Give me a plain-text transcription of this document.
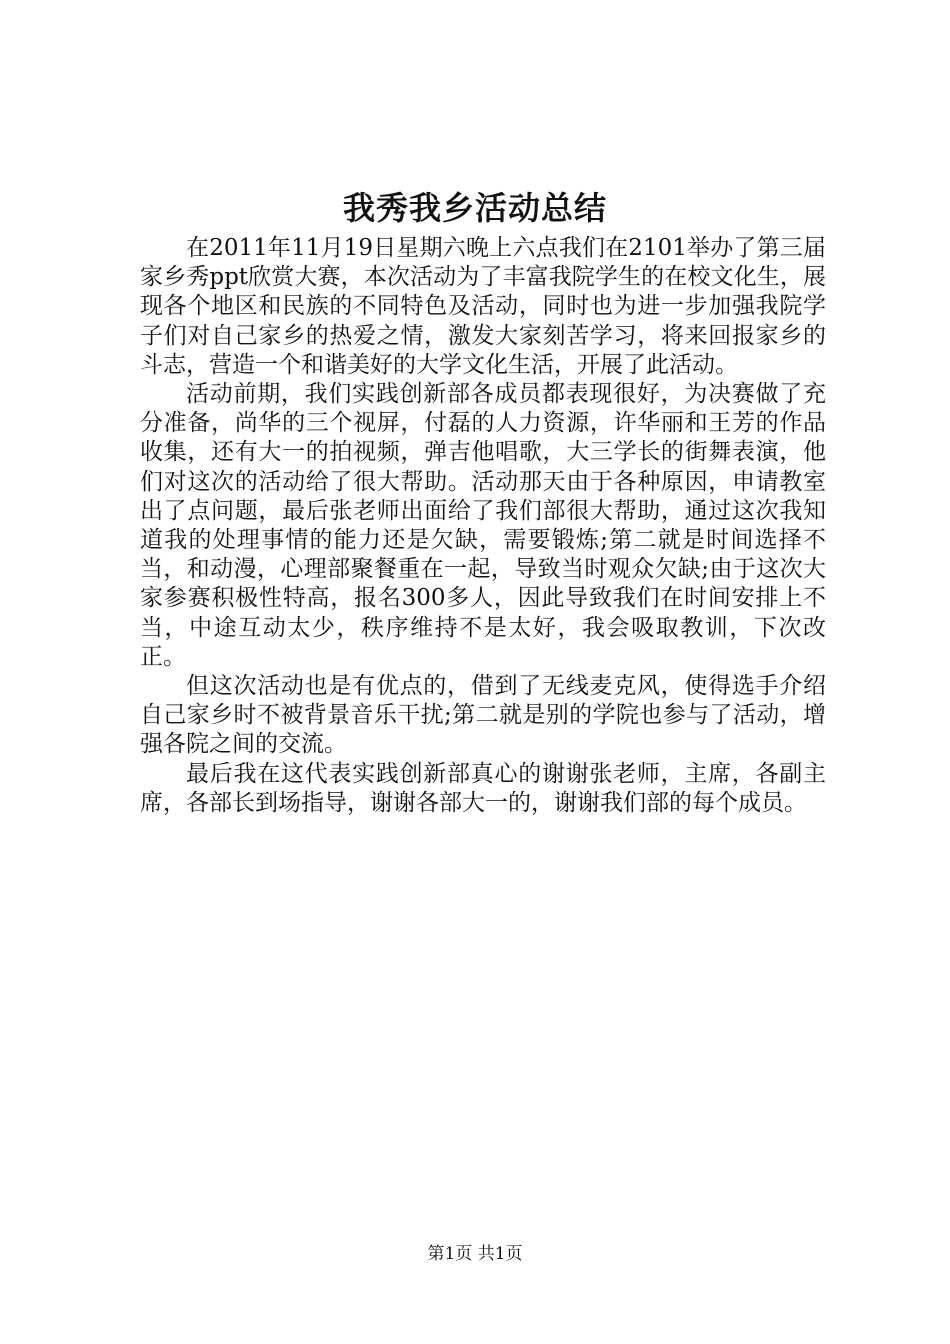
我秀我乡活动总结

在2011年11月19日星期六晚上六点我们在2101举办了第三届家乡秀ppt欣赏大赛，本次活动为了丰富我院学生的在校文化生，展现各个地区和民族的不同特色及活动，同时也为进一步加强我院学子们对自己家乡的热爱之情，激发大家刻苦学习，将来回报家乡的斗志，营造一个和谐美好的大学文化生活，开展了此活动。

活动前期，我们实践创新部各成员都表现很好，为决赛做了充分准备，尚华的三个视屏，付磊的人力资源，许华丽和王芳的作品收集，还有大一的拍视频，弹吉他唱歌，大三学长的街舞表演，他们对这次的活动给了很大帮助。活动那天由于各种原因，申请教室出了点问题，最后张老师出面给了我们部很大帮助，通过这次我知道我的处理事情的能力还是欠缺，需要锻炼;第二就是时间选择不当，和动漫，心理部聚餐重在一起，导致当时观众欠缺;由于这次大家参赛积极性特高，报名300多人，因此导致我们在时间安排上不当，中途互动太少，秩序维持不是太好，我会吸取教训，下次改正。

但这次活动也是有优点的，借到了无线麦克风，使得选手介绍自己家乡时不被背景音乐干扰;第二就是别的学院也参与了活动，增强各院之间的交流。

最后我在这代表实践创新部真心的谢谢张老师，主席，各副主席，各部长到场指导，谢谢各部大一的，谢谢我们部的每个成员。

第1页 共1页
